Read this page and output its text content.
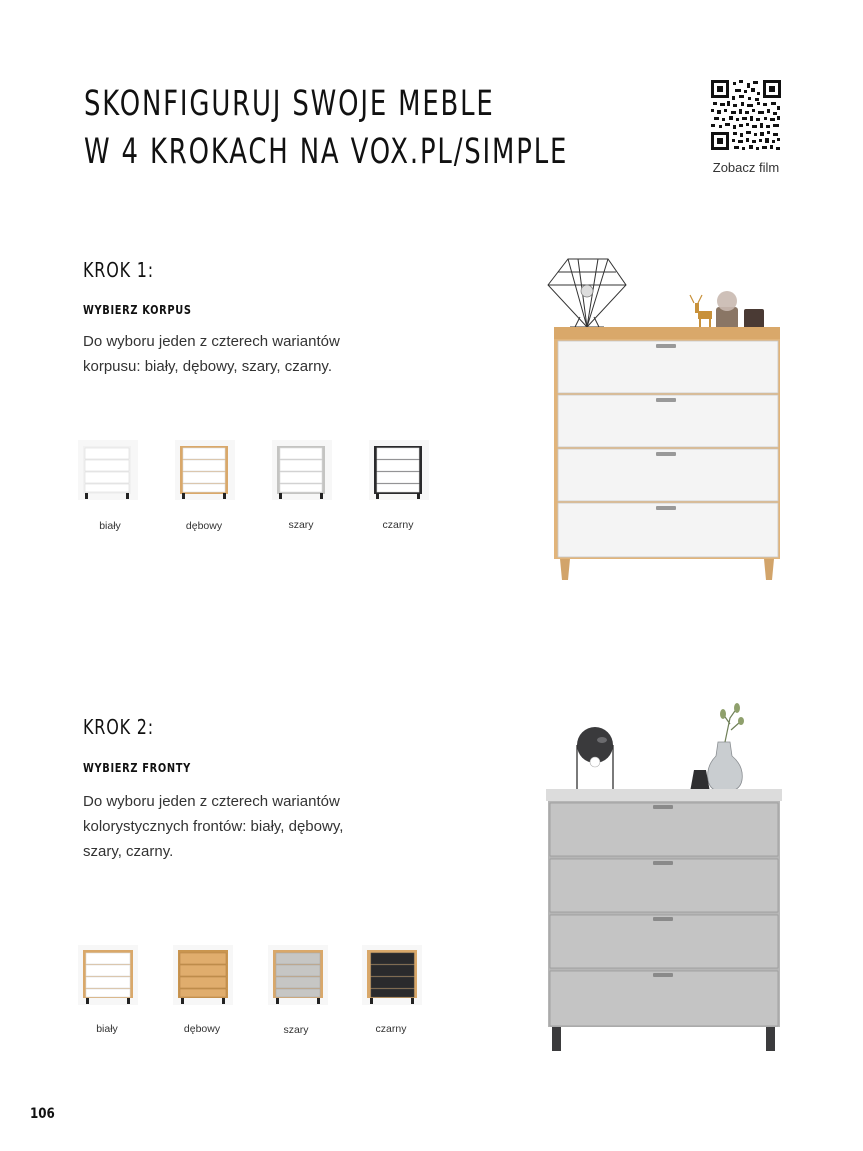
SKONFIGURUJ SWOJE MEBLE
W 4 KROKACH NA VOX.PL/SIMPLE	Zobacz film
KROK 1:
WYBIERZ KORPUS

Do wyboru jeden z czterech wariantów korpusu: biały, dębowy, szary, czarny.

biały	dębowy	szary	czarny
KROK 2:
WYBIERZ FRONTY

Do wyboru jeden z czterech wariantów kolorystycznych frontów: biały, dębowy, szary, czarny.

biały	dębowy	szary	czarny
106
